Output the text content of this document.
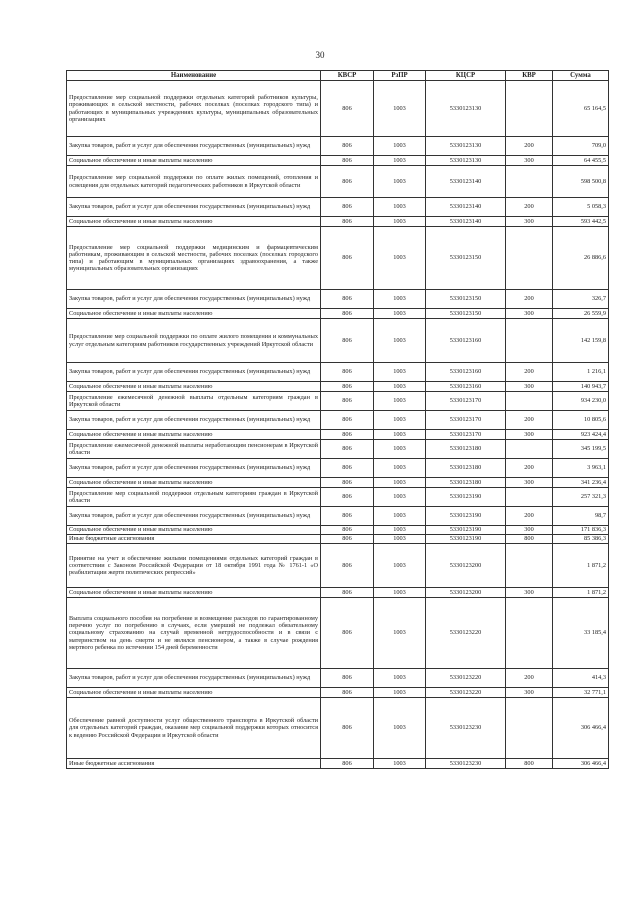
30
Наименование	КВСР	РзПР	КЦСР	КВР	Сумма
Предоставление мер социальной поддержки отдельных категорий работников культуры, проживающих в сельской местности, рабочих поселках (поселках городского типа) и работающих в муниципальных учреждениях культуры, муниципальных образовательных организациях	806	1003	5330123130		65 164,5
Закупка товаров, работ и услуг для обеспечения государственных (муниципальных) нужд	806	1003	5330123130	200	709,0
Социальное обеспечение и иные выплаты населению	806	1003	5330123130	300	64 455,5
Предоставление мер социальной поддержки по оплате жилых помещений, отопления и освещения для отдельных категорий педагогических работников в Иркутской области	806	1003	5330123140		598 500,8
Закупка товаров, работ и услуг для обеспечения государственных (муниципальных) нужд	806	1003	5330123140	200	5 058,3
Социальное обеспечение и иные выплаты населению	806	1003	5330123140	300	593 442,5
Предоставление мер социальной поддержки медицинским и фармацевтическим работникам, проживающим в сельской местности, рабочих поселках (поселках городского типа) и работающим в муниципальных организациях здравоохранения, а также муниципальных образовательных организациях	806	1003	5330123150		26 886,6
Закупка товаров, работ и услуг для обеспечения государственных (муниципальных) нужд	806	1003	5330123150	200	326,7
Социальное обеспечение и иные выплаты населению	806	1003	5330123150	300	26 559,9
Предоставление мер социальной поддержки по оплате жилого помещения и коммунальных услуг отдельным категориям работников государственных учреждений Иркутской области	806	1003	5330123160		142 159,8
Закупка товаров, работ и услуг для обеспечения государственных (муниципальных) нужд	806	1003	5330123160	200	1 216,1
Социальное обеспечение и иные выплаты населению	806	1003	5330123160	300	140 943,7
Предоставление ежемесячной денежной выплаты отдельным категориям граждан в Иркутской области	806	1003	5330123170		934 230,0
Закупка товаров, работ и услуг для обеспечения государственных (муниципальных) нужд	806	1003	5330123170	200	10 805,6
Социальное обеспечение и иные выплаты населению	806	1003	5330123170	300	923 424,4
Предоставление ежемесячной денежной выплаты неработающим пенсионерам в Иркутской области	806	1003	5330123180		345 199,5
Закупка товаров, работ и услуг для обеспечения государственных (муниципальных) нужд	806	1003	5330123180	200	3 963,1
Социальное обеспечение и иные выплаты населению	806	1003	5330123180	300	341 236,4
Предоставление мер социальной поддержки отдельным категориям граждан в Иркутской области	806	1003	5330123190		257 321,3
Закупка товаров, работ и услуг для обеспечения государственных (муниципальных) нужд	806	1003	5330123190	200	98,7
Социальное обеспечение и иные выплаты населению	806	1003	5330123190	300	171 836,3
Иные бюджетные ассигнования	806	1003	5330123190	800	85 386,3
Принятие на учет и обеспечение жилыми помещениями отдельных категорий граждан в соответствии с Законом Российской Федерации от 18 октября 1991 года № 1761-1 «О реабилитации жертв политических репрессий»	806	1003	5330123200		1 871,2
Социальное обеспечение и иные выплаты населению	806	1003	5330123200	300	1 871,2
Выплата социального пособия на погребение и возмещение расходов по гарантированному перечню услуг по погребению в случаях, если умерший не подлежал обязательному социальному страхованию на случай временной нетрудоспособности и в связи с материнством на день смерти и не являлся пенсионером, а также в случае рождения мертвого ребенка по истечении 154 дней беременности	806	1003	5330123220		33 185,4
Закупка товаров, работ и услуг для обеспечения государственных (муниципальных) нужд	806	1003	5330123220	200	414,3
Социальное обеспечение и иные выплаты населению	806	1003	5330123220	300	32 771,1
Обеспечение равной доступности услуг общественного транспорта в Иркутской области для отдельных категорий граждан, оказание мер социальной поддержки которых относится к ведению Российской Федерации и Иркутской области	806	1003	5330123230		306 466,4
Иные бюджетные ассигнования	806	1003	5330123230	800	306 466,4
